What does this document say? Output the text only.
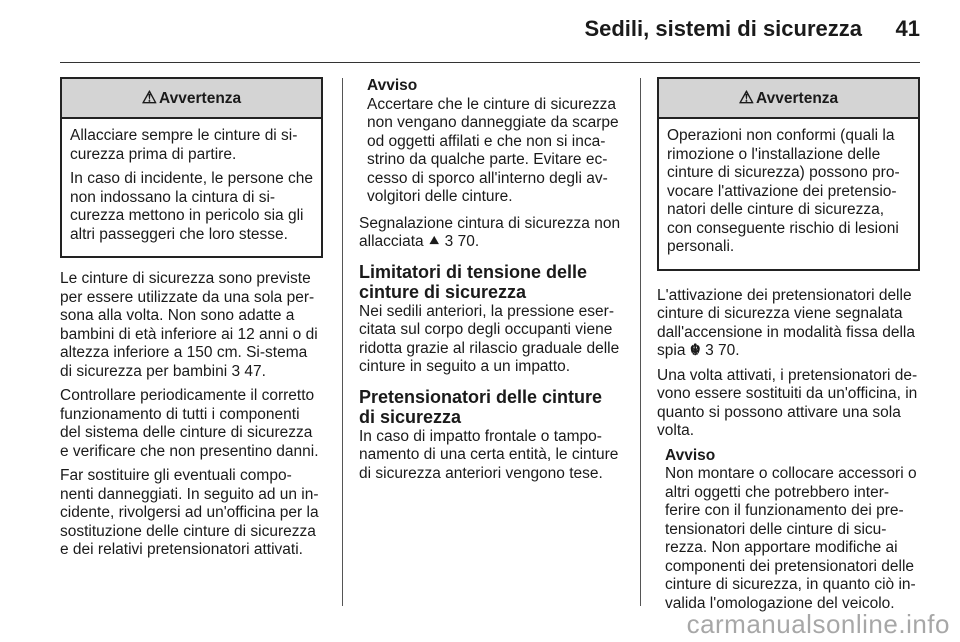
Sedili, sistemi di sicurezza 41
⚠ Avvertenza

Allacciare sempre le cinture di si-curezza prima di partire.

In caso di incidente, le persone che non indossano la cintura di si-curezza mettono in pericolo sia gli altri passeggeri che loro stesse.

Le cinture di sicurezza sono previste per essere utilizzate da una sola per-sona alla volta. Non sono adatte a bambini di età inferiore ai 12 anni o di altezza inferiore a 150 cm. Si-stema di sicurezza per bambini 3 47.

Controllare periodicamente il corretto funzionamento di tutti i componenti del sistema delle cinture di sicurezza e verificare che non presentino danni.

Far sostituire gli eventuali compo-nenti danneggiati. In seguito ad un in-cidente, rivolgersi ad un'officina per la sostituzione delle cinture di sicurezza e dei relativi pretensionatori attivati.

Avviso
Accertare che le cinture di sicurezza non vengano danneggiate da scarpe od oggetti affilati e che non si inca-strino da qualche parte. Evitare ec-cesso di sporco all'interno degli av-volgitori delle cinture.

Segnalazione cintura di sicurezza non allacciata ⯅ 3 70.

Limitatori di tensione delle cinture di sicurezza

Nei sedili anteriori, la pressione eser-citata sul corpo degli occupanti viene ridotta grazie al rilascio graduale delle cinture in seguito a un impatto.

Pretensionatori delle cinture di sicurezza

In caso di impatto frontale o tampo-namento di una certa entità, le cinture di sicurezza anteriori vengono tese.

⚠ Avvertenza

Operazioni non conformi (quali la rimozione o l'installazione delle cinture di sicurezza) possono pro-vocare l'attivazione dei pretensio-natori delle cinture di sicurezza, con conseguente rischio di lesioni personali.

L'attivazione dei pretensionatori delle cinture di sicurezza viene segnalata dall'accensione in modalità fissa della spia ☬ 3 70.

Una volta attivati, i pretensionatori de-vono essere sostituiti da un'officina, in quanto si possono attivare una sola volta.

Avviso
Non montare o collocare accessori o altri oggetti che potrebbero inter-ferire con il funzionamento dei pre-tensionatori delle cinture di sicu-rezza. Non apportare modifiche ai componenti dei pretensionatori delle cinture di sicurezza, in quanto ciò in-valida l'omologazione del veicolo.
carmanualsonline.info
